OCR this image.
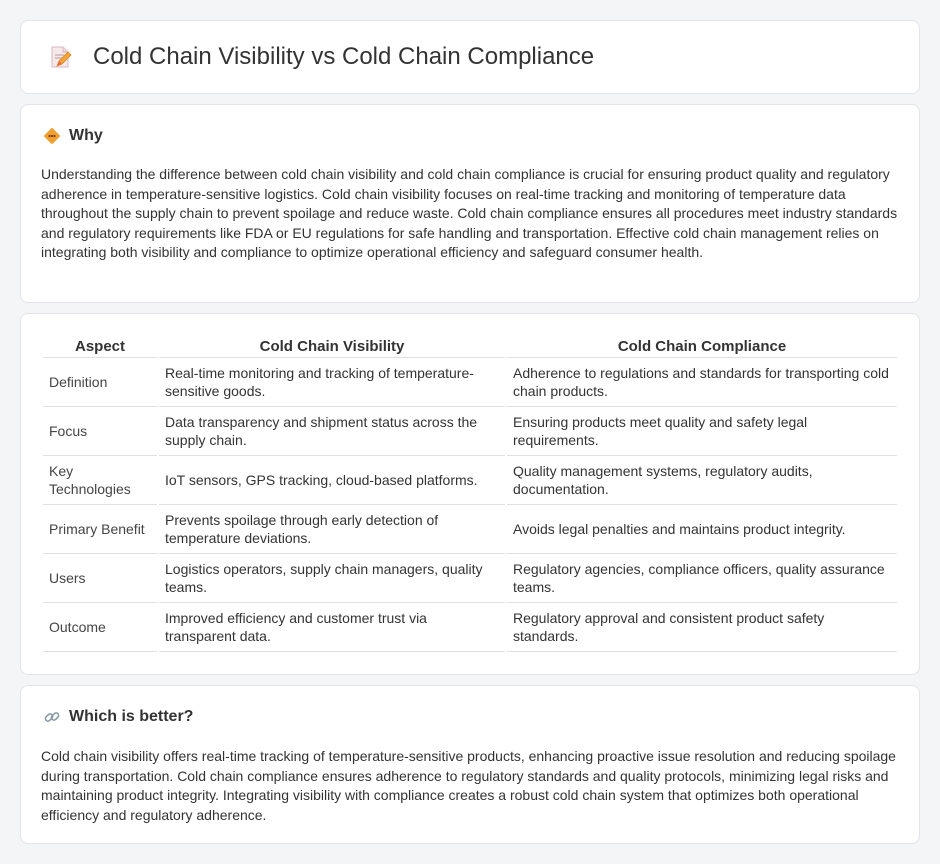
Cold Chain Visibility vs Cold Chain Compliance
Why

Understanding the difference between cold chain visibility and cold chain compliance is crucial for ensuring product quality and regulatory adherence in temperature-sensitive logistics. Cold chain visibility focuses on real-time tracking and monitoring of temperature data throughout the supply chain to prevent spoilage and reduce waste. Cold chain compliance ensures all procedures meet industry standards and regulatory requirements like FDA or EU regulations for safe handling and transportation. Effective cold chain management relies on integrating both visibility and compliance to optimize operational efficiency and safeguard consumer health.

Aspect	Cold Chain Visibility	Cold Chain Compliance
Definition	Real-time monitoring and tracking of temperature-sensitive goods.	Adherence to regulations and standards for transporting cold chain products.
Focus	Data transparency and shipment status across the supply chain.	Ensuring products meet quality and safety legal requirements.
Key Technologies	IoT sensors, GPS tracking, cloud-based platforms.	Quality management systems, regulatory audits, documentation.
Primary Benefit	Prevents spoilage through early detection of temperature deviations.	Avoids legal penalties and maintains product integrity.
Users	Logistics operators, supply chain managers, quality teams.	Regulatory agencies, compliance officers, quality assurance teams.
Outcome	Improved efficiency and customer trust via transparent data.	Regulatory approval and consistent product safety standards.
Which is better?

Cold chain visibility offers real-time tracking of temperature-sensitive products, enhancing proactive issue resolution and reducing spoilage during transportation. Cold chain compliance ensures adherence to regulatory standards and quality protocols, minimizing legal risks and maintaining product integrity. Integrating visibility with compliance creates a robust cold chain system that optimizes both operational efficiency and regulatory adherence.
